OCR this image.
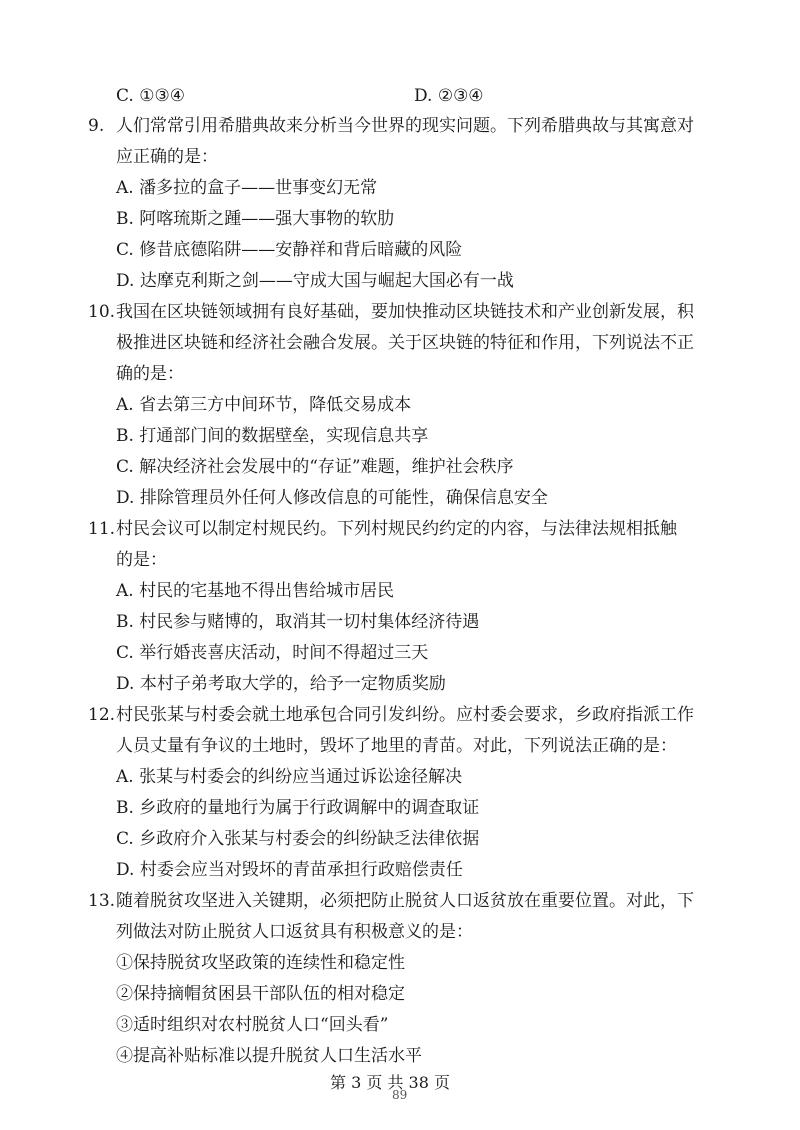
C. ①③④	D. ②③④
9. 人们常常引用希腊典故来分析当今世界的现实问题。下列希腊典故与其寓意对
应正确的是：
A. 潘多拉的盒子——世事变幻无常
B. 阿喀琉斯之踵——强大事物的软肋
C. 修昔底德陷阱——安静祥和背后暗藏的风险
D. 达摩克利斯之剑——守成大国与崛起大国必有一战
10. 我国在区块链领域拥有良好基础，要加快推动区块链技术和产业创新发展，积
极推进区块链和经济社会融合发展。关于区块链的特征和作用，下列说法不正
确的是：
A. 省去第三方中间环节，降低交易成本
B. 打通部门间的数据壁垒，实现信息共享
C. 解决经济社会发展中的“存证”难题，维护社会秩序
D. 排除管理员外任何人修改信息的可能性，确保信息安全
11. 村民会议可以制定村规民约。下列村规民约约定的内容，与法律法规相抵触
的是：
A. 村民的宅基地不得出售给城市居民
B. 村民参与赌博的，取消其一切村集体经济待遇
C. 举行婚丧喜庆活动，时间不得超过三天
D. 本村子弟考取大学的，给予一定物质奖励
12. 村民张某与村委会就土地承包合同引发纠纷。应村委会要求，乡政府指派工作
人员丈量有争议的土地时，毁坏了地里的青苗。对此，下列说法正确的是：
A. 张某与村委会的纠纷应当通过诉讼途径解决
B. 乡政府的量地行为属于行政调解中的调查取证
C. 乡政府介入张某与村委会的纠纷缺乏法律依据
D. 村委会应当对毁坏的青苗承担行政赔偿责任
13. 随着脱贫攻坚进入关键期，必须把防止脱贫人口返贫放在重要位置。对此，下
列做法对防止脱贫人口返贫具有积极意义的是：
①保持脱贫攻坚政策的连续性和稳定性
②保持摘帽贫困县干部队伍的相对稳定
③适时组织对农村脱贫人口“回头看”
④提高补贴标准以提升脱贫人口生活水平
第 3 页 共 38 页
89
